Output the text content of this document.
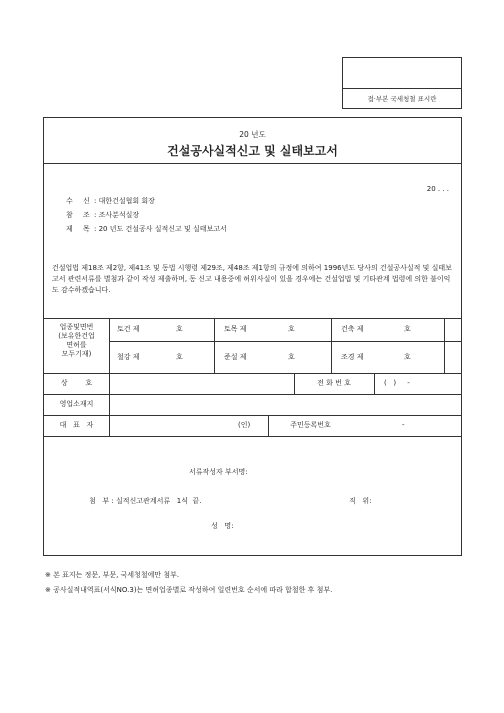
접·부본 국세청철 표시란
20 년도
건설공사실적신고 및 실태보고서
20 . . .
수 신: 대한건설협회 회장
참 조: 조사분석실장
제 목: 20 년도 건설공사 실적신고 및 실태보고서
건설업법 제18조 제2항, 제41조 및 동법 시행령 제29조, 제48조 제1항의 규정에 의하여 1996년도 당사의 건설공사실적 및 실태보고서 관련서류를 별첨과 같이 작성 제출하며, 동 신고 내용중에 허위사실이 있을 경우에는 건설업법 및 기타관계 법령에 의한 불이익도 감수하겠습니다.
업종및면번
(보유한건업
면허를
모두기재)
토건 제	호	토목 제	호	건축 제	호
철강 제	호	준설 제	호	조경 제	호
상        호	전 화 번 호	(   )     -
영업소재지
대   표   자	(인)	주민등록번호	-
서류작성자 부서명:
첨   부 : 실적신고관계서류   1식  끝.	직   위:
성   명:
※ 본 표지는 정문, 부문, 국세청철에만 첨부.
※ 공사실적내역표(서식NO.3)는 면허업종별로 작성하여 일련번호 순서에 따라 합철한 후 첨부.
